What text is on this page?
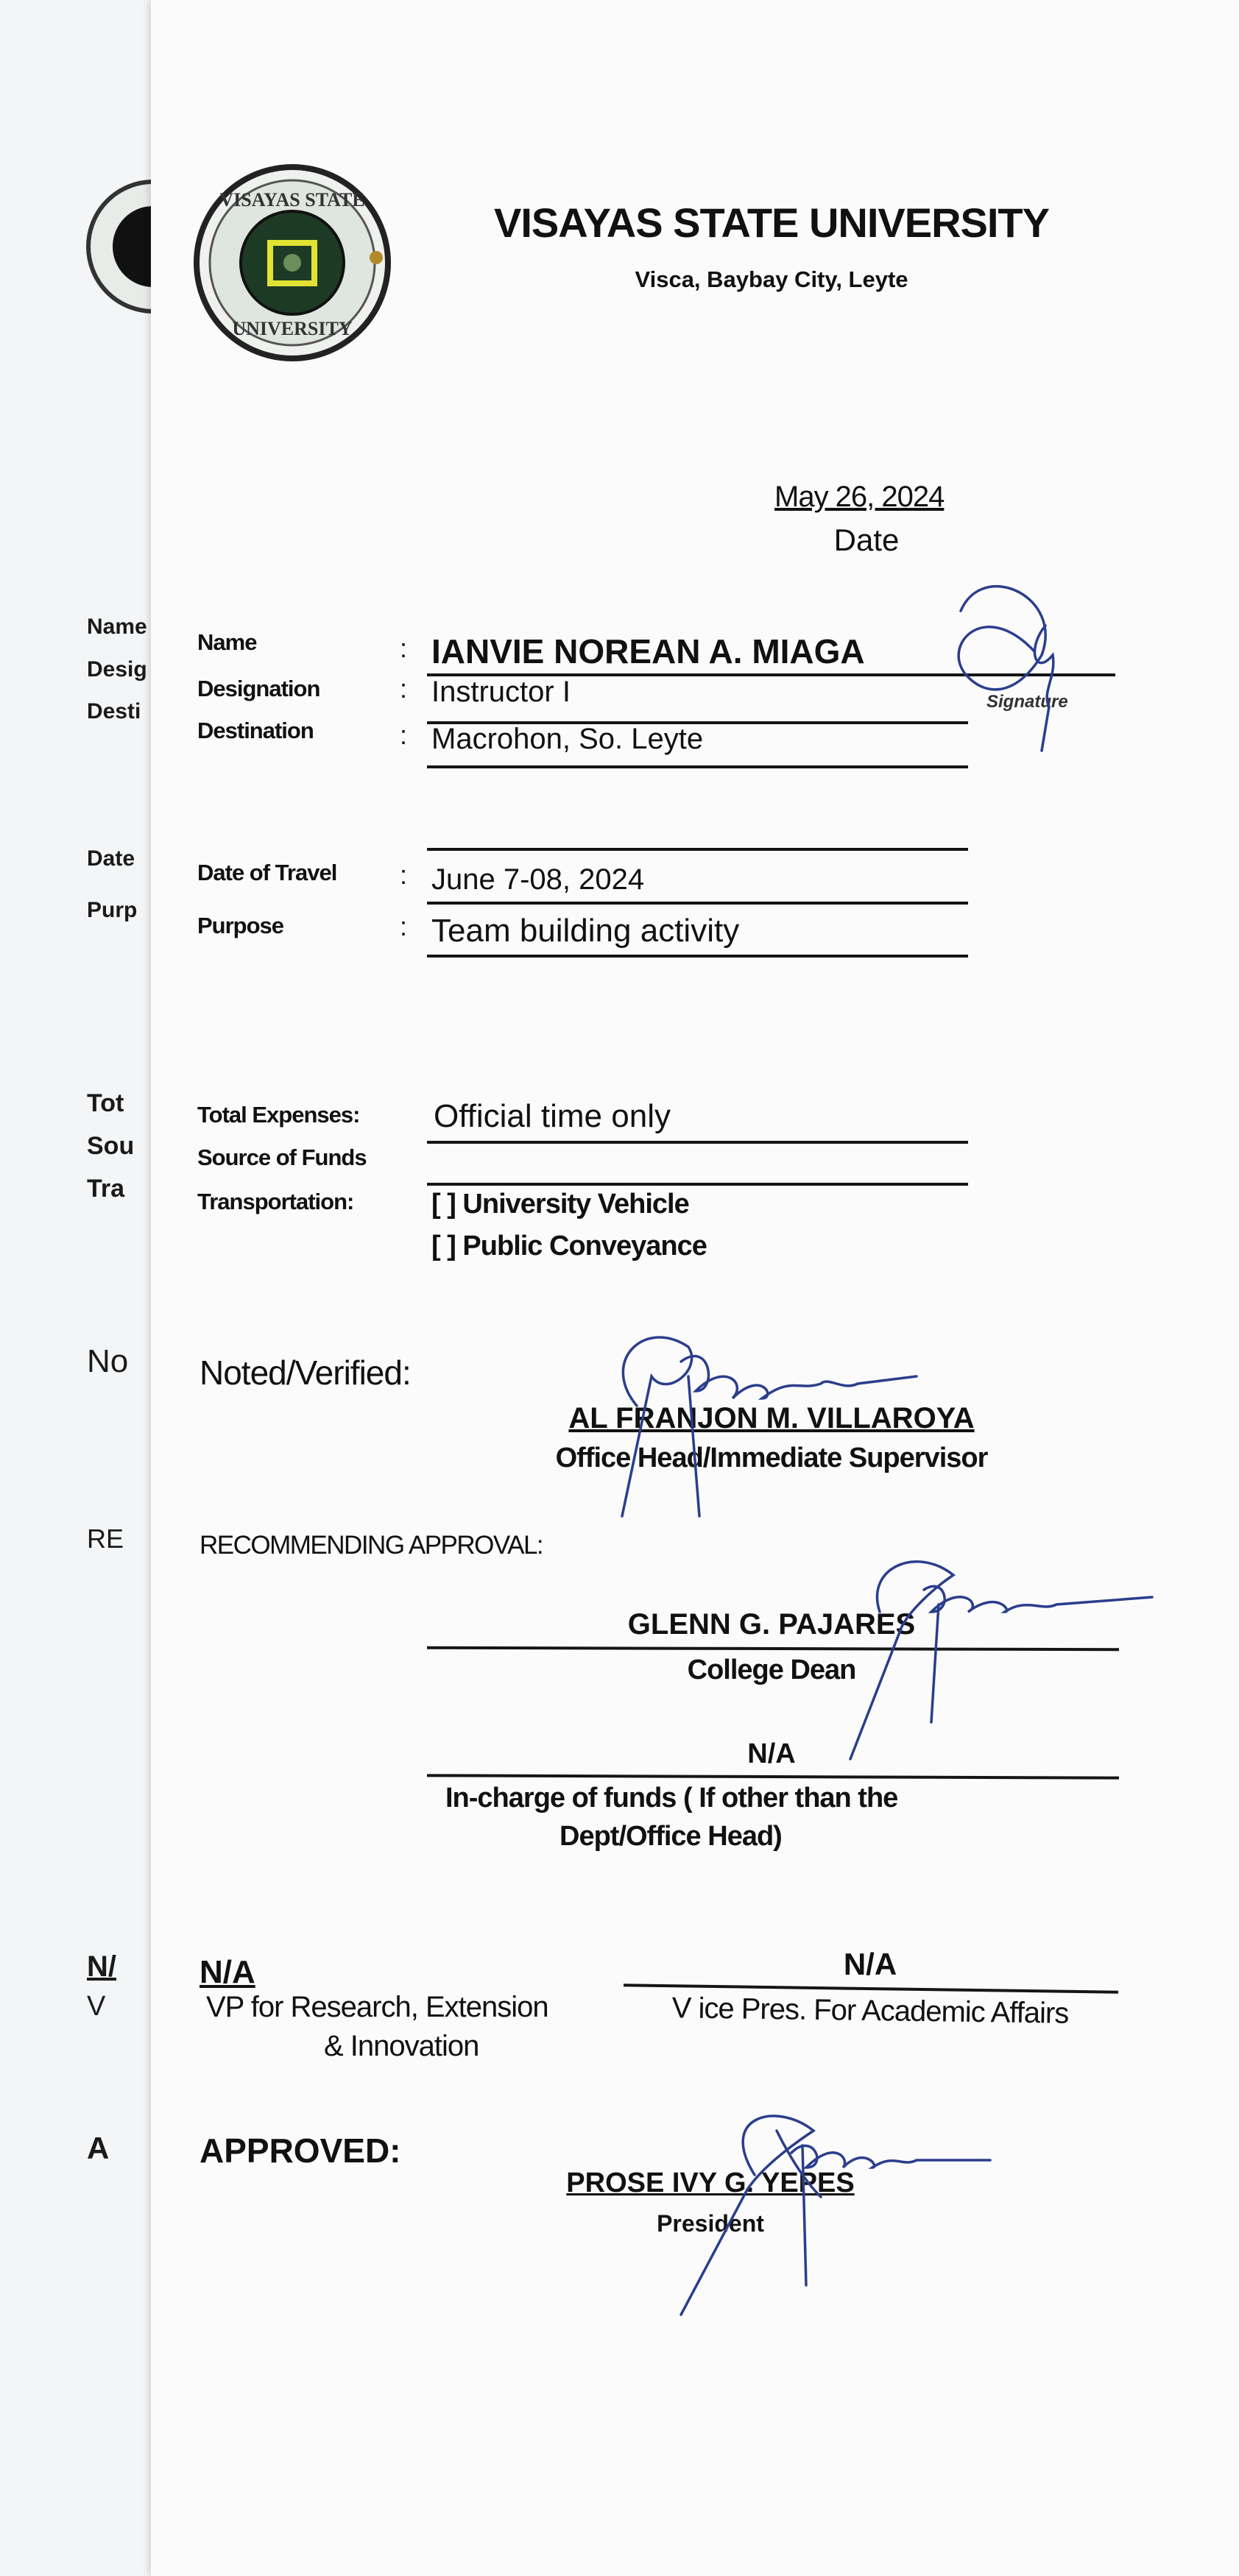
Name
Desig
Desti
Date
Purp
Tot
Sou
Tra
No
RE
N/
V
A
VISAYAS STATE
UNIVERSITY
VISAYAS STATE UNIVERSITY
Visca, Baybay City, Leyte
May 26, 2024
Date
Name	: IANVIE NOREAN A. MIAGA
Designation	: Instructor I
Destination	: Macrohon, So. Leyte
Signature
Date of Travel : June 7-08, 2024
Purpose	: Team building activity
Total Expenses: Official time only
Source of Funds
Transportation:	[ ] University Vehicle
[ ] Public Conveyance
Noted/Verified:
AL FRANJON M. VILLAROYA
Office Head/Immediate Supervisor
RECOMMENDING APPROVAL:
GLENN G. PAJARES
College Dean
N/A
In-charge of funds ( If other than the
Dept/Office Head)
N/A
VP for Research, Extension
& Innovation
N/A
V ice Pres. For Academic Affairs
APPROVED:
PROSE IVY G. YEPES
President
